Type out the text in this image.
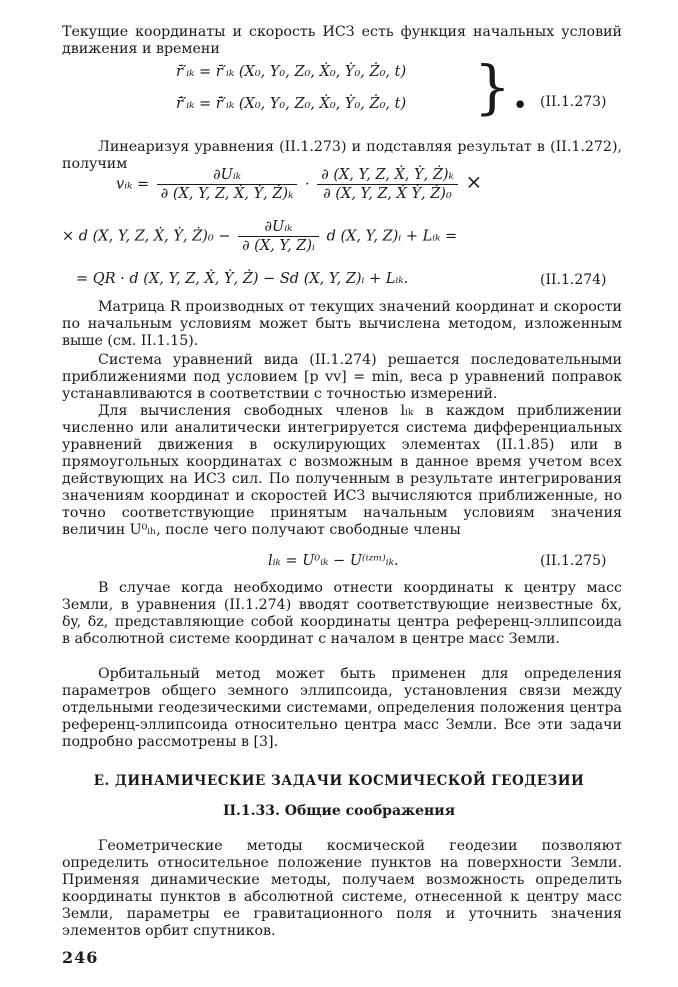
Текущие координаты и скорость ИСЗ есть функция начальных условий движения и времени
r̄′ᵢₖ = r̄′ᵢₖ (X₀, Y₀, Z₀, Ẋ₀, Ẏ₀, Ż₀, t)
r̄̇′ᵢₖ = r̄̇′ᵢₖ (X₀, Y₀, Z₀, Ẋ₀, Ẏ₀, Ż₀, t) }. (II.1.273)
Линеаризуя уравнения (II.1.273) и подставляя результат в (II.1.272), получим
vᵢₖ = $\frac{\text{∂Uᵢₖ}}{\text{∂ (X, Y, Z, Ẋ, Ẏ, Ż)ₖ}} \cdot \frac{\text{∂ (X, Y, Z, Ẋ, Ẏ, Ż)ₖ}}{\text{∂ (X, Y, Z, Ẋ Ẏ, Ż)₀}}$ ×
× d (X, Y, Z, Ẋ, Ẏ, Ż)₀ − $\frac{\text{∂Uᵢₖ}}{\text{∂ (X, Y, Z)ᵢ}}$ d (X, Y, Z)ᵢ + Lᵢₖ =
= QR · d (X, Y, Z, Ẋ, Ẏ, Ż) − Sd (X, Y, Z)ᵢ + Lᵢₖ.	(II.1.274)
Матрица R производных от текущих значений координат и скорости по начальным условиям может быть вычислена методом, изложенным выше (см. II.1.15).
Система уравнений вида (II.1.274) решается последовательными приближениями под условием [p vv] = min, веса p уравнений поправок устанавливаются в соответствии с точностью измерений.
Для вычисления свободных членов lᵢₖ в каждом приближении численно или аналитически интегрируется система дифференциальных уравнений движения в оскулирующих элементах (II.1.85) или в прямоугольных координатах с возможным в данное время учетом всех действующих на ИСЗ сил. По полученным в результате интегрирования значениям координат и скоростей ИСЗ вычисляются приближенные, но точно соответствующие принятым начальным условиям значения величин U⁰ᵢₕ, после чего получают свободные члены
lᵢₖ = U⁰ᵢₖ − U⁽ⁱᶻᵐ⁾ᵢₖ.	(II.1.275)
В случае когда необходимо отнести координаты к центру масс Земли, в уравнения (II.1.274) вводят соответствующие неизвестные δx, δy, δz, представляющие собой координаты центра референц-эллипсоида в абсолютной системе координат с началом в центре масс Земли.
Орбитальный метод может быть применен для определения параметров общего земного эллипсоида, установления связи между отдельными геодезическими системами, определения положения центра референц-эллипсоида относительно центра масс Земли. Все эти задачи подробно рассмотрены в [3].
Е. ДИНАМИЧЕСКИЕ ЗАДАЧИ КОСМИЧЕСКОЙ ГЕОДЕЗИИ
II.1.33. Общие соображения
Геометрические методы космической геодезии позволяют определить относительное положение пунктов на поверхности Земли. Применяя динамические методы, получаем возможность определить координаты пунктов в абсолютной системе, отнесенной к центру масс Земли, параметры ее гравитационного поля и уточнить значения элементов орбит спутников.
246
